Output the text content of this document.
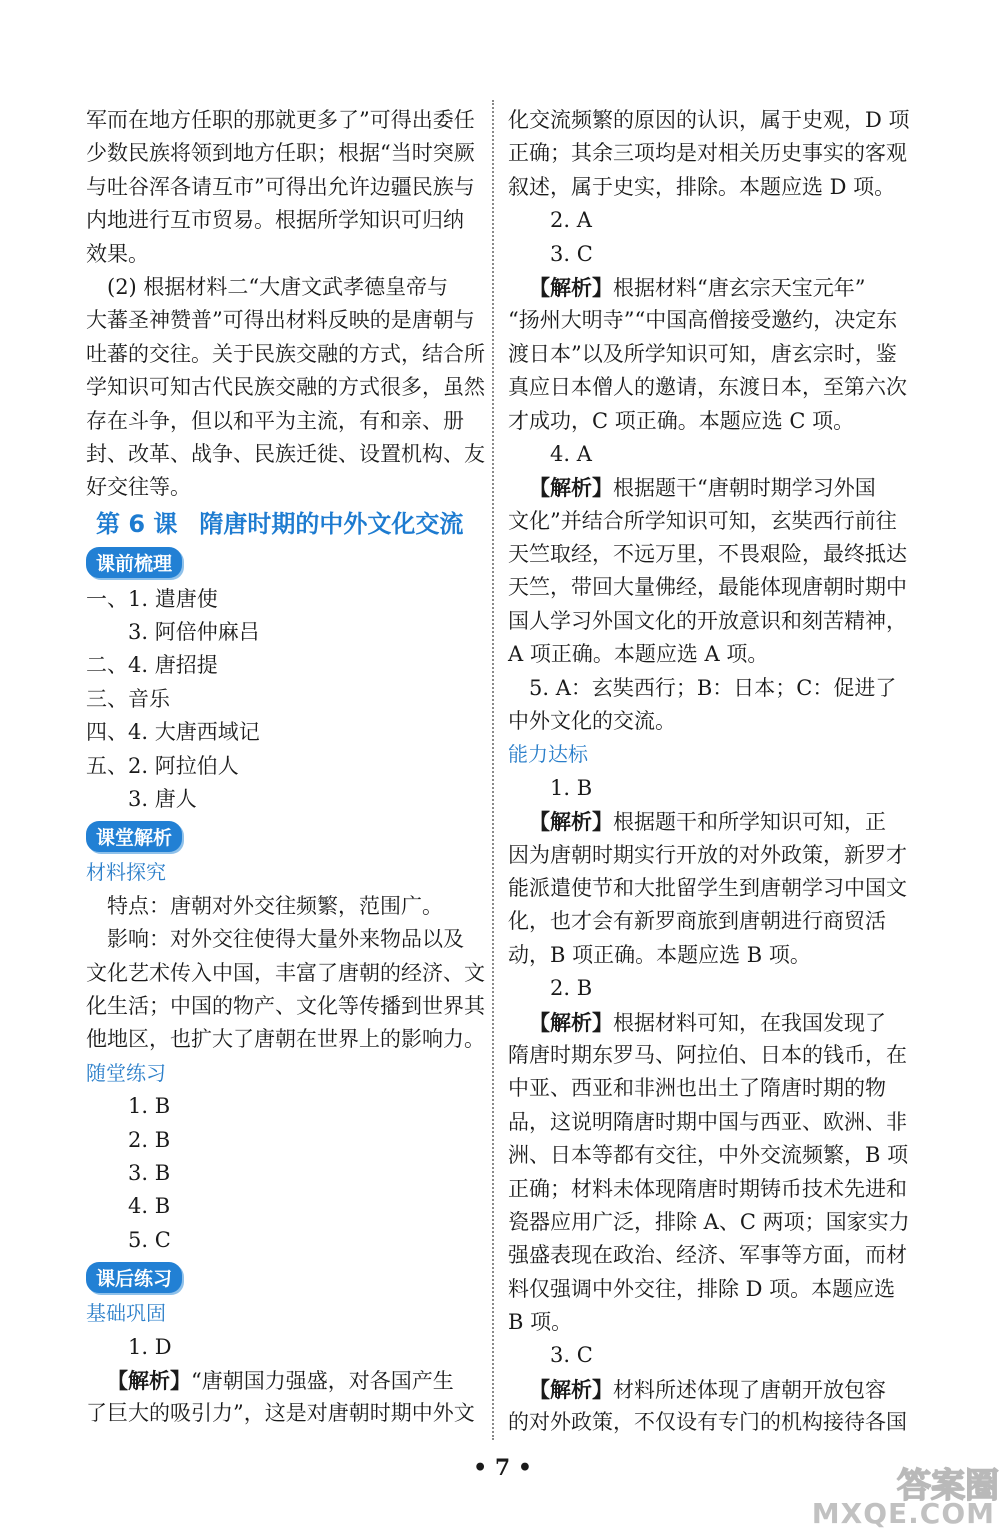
军而在地方任职的那就更多了”可得出委任
少数民族将领到地方任职；根据“当时突厥
与吐谷浑各请互市”可得出允许边疆民族与
内地进行互市贸易。根据所学知识可归纳
效果。
(2) 根据材料二“大唐文武孝德皇帝与
大蕃圣神赞普”可得出材料反映的是唐朝与
吐蕃的交往。关于民族交融的方式，结合所
学知识可知古代民族交融的方式很多，虽然
存在斗争，但以和平为主流，有和亲、册
封、改革、战争、民族迁徙、设置机构、友
好交往等。
第 6 课 隋唐时期的中外文化交流
课前梳理
一、1. 遣唐使
3. 阿倍仲麻吕
二、4. 唐招提
三、音乐
四、4. 大唐西域记
五、2. 阿拉伯人
3. 唐人
课堂解析
材料探究
特点：唐朝对外交往频繁，范围广。
影响：对外交往使得大量外来物品以及
文化艺术传入中国，丰富了唐朝的经济、文
化生活；中国的物产、文化等传播到世界其
他地区，也扩大了唐朝在世界上的影响力。
随堂练习
1. B
2. B
3. B
4. B
5. C
课后练习
基础巩固
1. D
【解析】“唐朝国力强盛，对各国产生
了巨大的吸引力”，这是对唐朝时期中外文
化交流频繁的原因的认识，属于史观，D 项
正确；其余三项均是对相关历史事实的客观
叙述，属于史实，排除。本题应选 D 项。
2. A
3. C
【解析】根据材料“唐玄宗天宝元年”
“扬州大明寺”“中国高僧接受邀约，决定东
渡日本”以及所学知识可知，唐玄宗时，鉴
真应日本僧人的邀请，东渡日本，至第六次
才成功，C 项正确。本题应选 C 项。
4. A
【解析】根据题干“唐朝时期学习外国
文化”并结合所学知识可知，玄奘西行前往
天竺取经，不远万里，不畏艰险，最终抵达
天竺，带回大量佛经，最能体现唐朝时期中
国人学习外国文化的开放意识和刻苦精神，
A 项正确。本题应选 A 项。
5. A：玄奘西行；B：日本；C：促进了
中外文化的交流。
能力达标
1. B
【解析】根据题干和所学知识可知，正
因为唐朝时期实行开放的对外政策，新罗才
能派遣使节和大批留学生到唐朝学习中国文
化，也才会有新罗商旅到唐朝进行商贸活
动，B 项正确。本题应选 B 项。
2. B
【解析】根据材料可知，在我国发现了
隋唐时期东罗马、阿拉伯、日本的钱币，在
中亚、西亚和非洲也出土了隋唐时期的物
品，这说明隋唐时期中国与西亚、欧洲、非
洲、日本等都有交往，中外交流频繁，B 项
正确；材料未体现隋唐时期铸币技术先进和
瓷器应用广泛，排除 A、C 两项；国家实力
强盛表现在政治、经济、军事等方面，而材
料仅强调中外交往，排除 D 项。本题应选
B 项。
3. C
【解析】材料所述体现了唐朝开放包容
的对外政策，不仅设有专门的机构接待各国
• 7 •	答案圈
MXQE.COM
